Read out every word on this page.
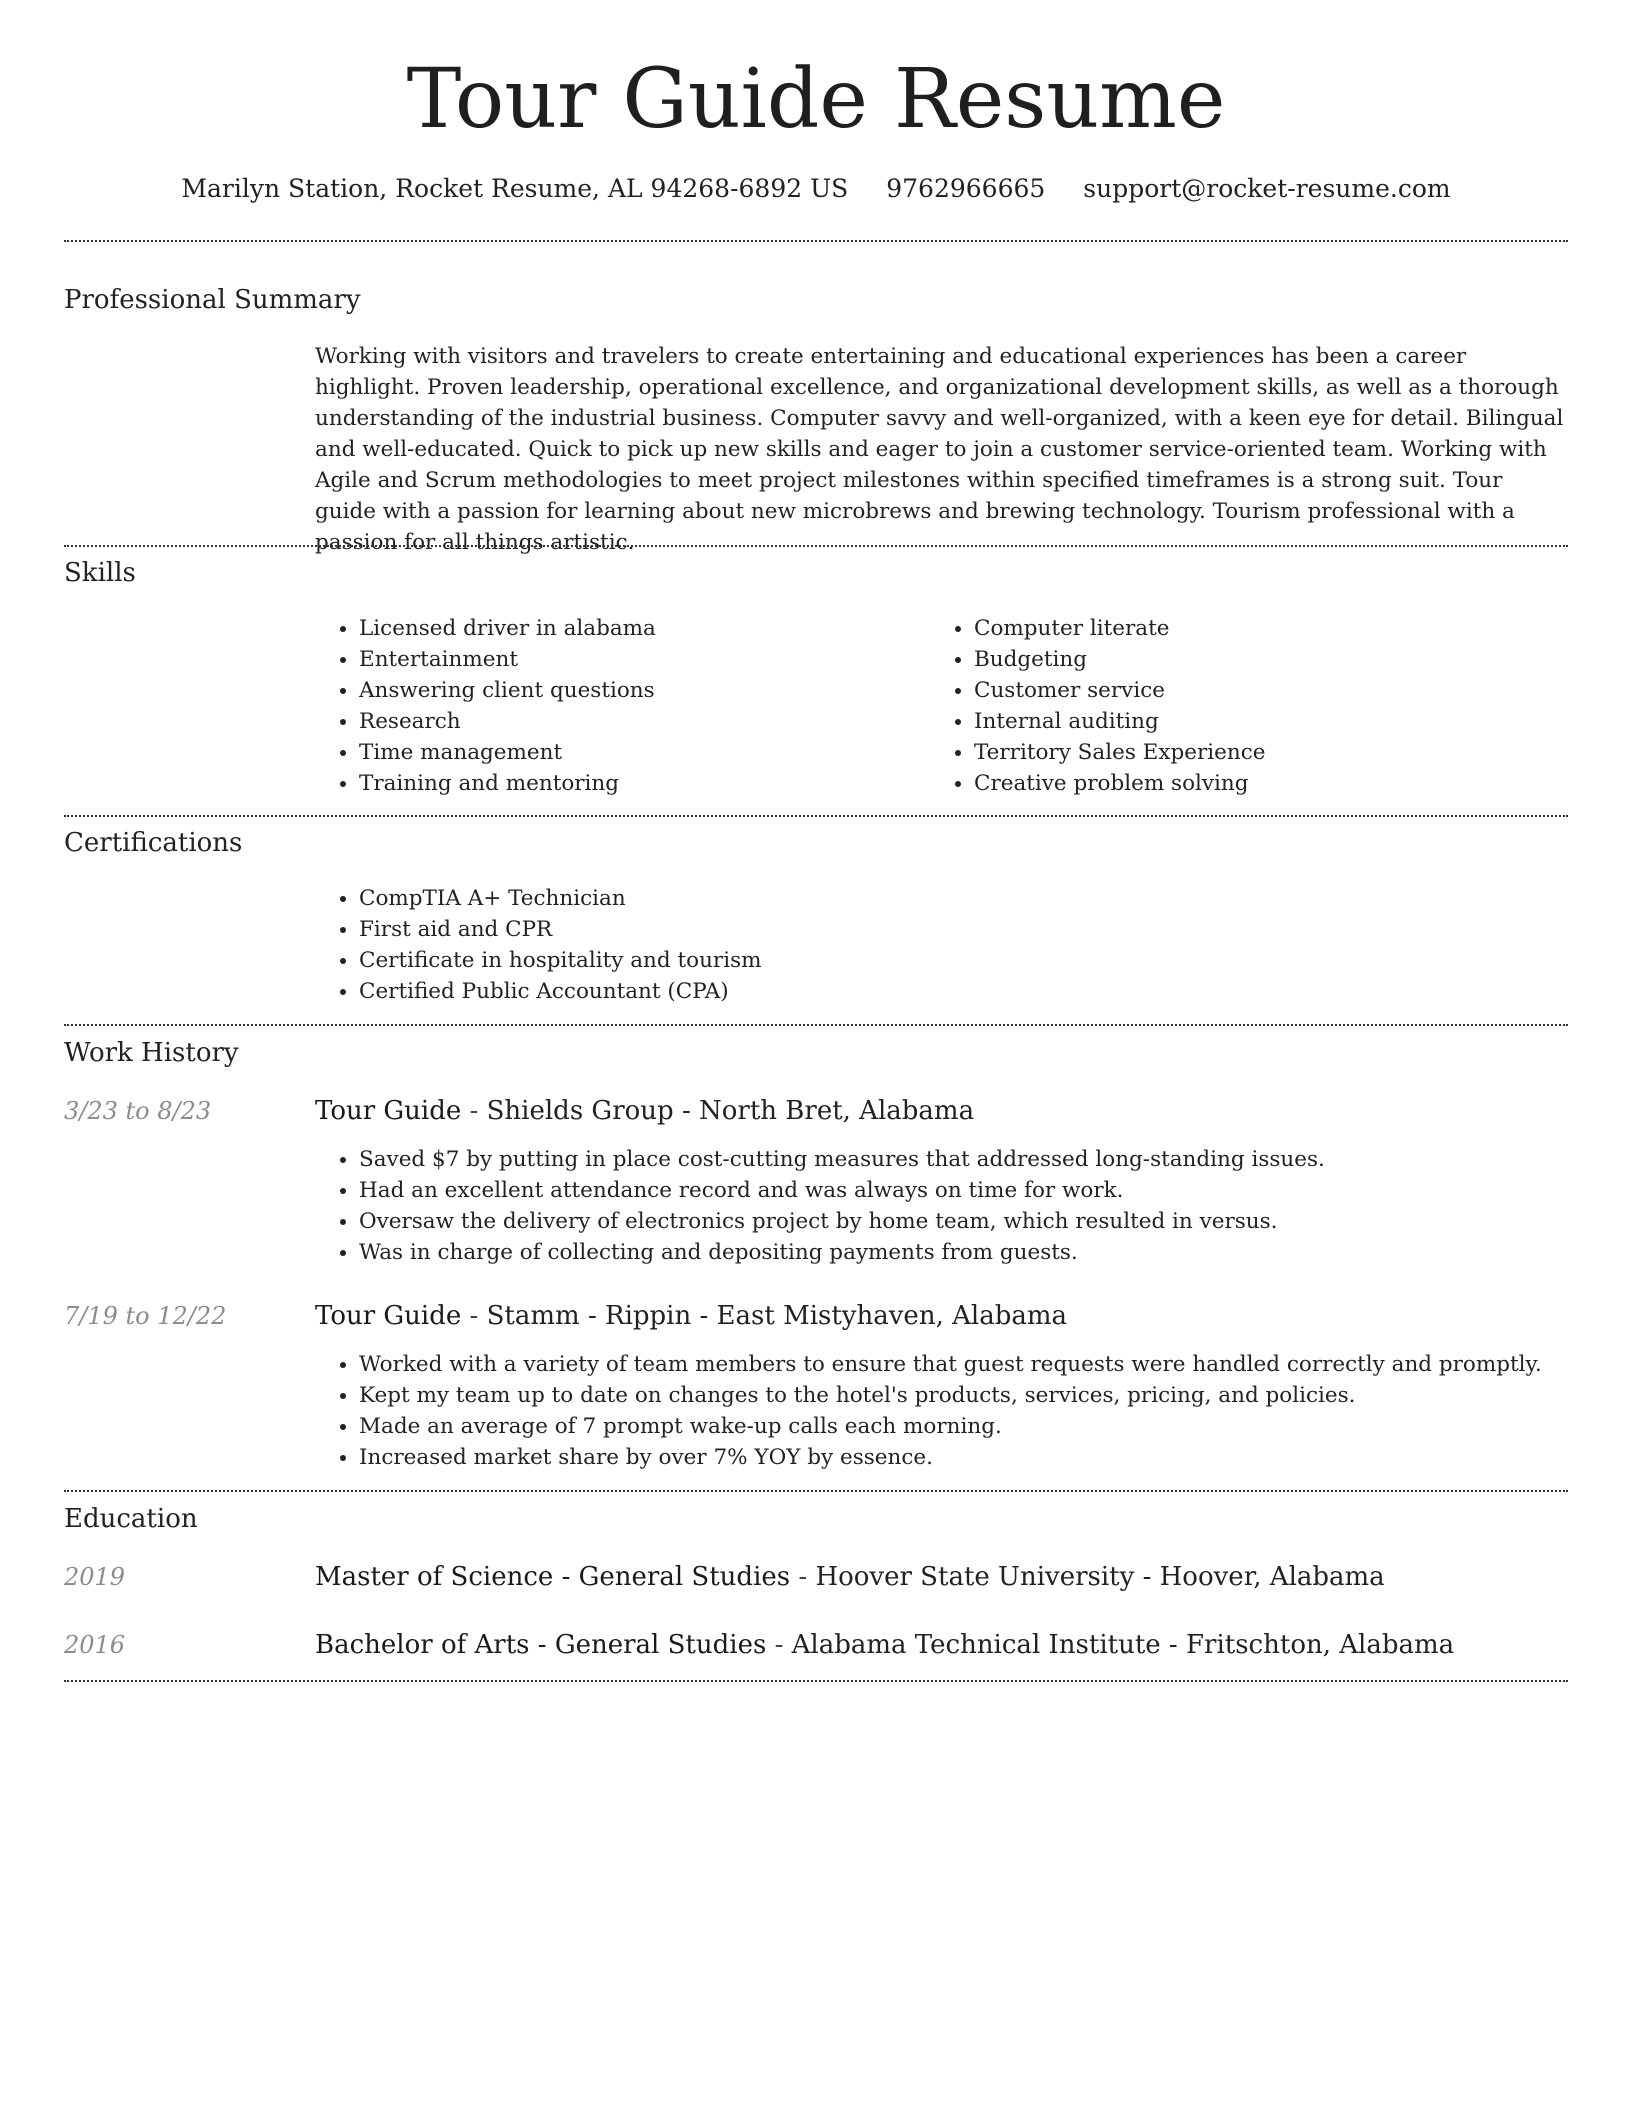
Tour Guide Resume
Marilyn Station, Rocket Resume, AL 94268-6892 US 9762966665 support@rocket-resume.com
Professional Summary

Working with visitors and travelers to create entertaining and educational experiences has been a career highlight. Proven leadership, operational excellence, and organizational development skills, as well as a thorough understanding of the industrial business. Computer savvy and well-organized, with a keen eye for detail. Bilingual and well-educated. Quick to pick up new skills and eager to join a customer service-oriented team. Working with Agile and Scrum methodologies to meet project milestones within specified timeframes is a strong suit. Tour guide with a passion for learning about new microbrews and brewing technology. Tourism professional with a passion for all things artistic.

Skills
• Licensed driver in alabama
• Entertainment
• Answering client questions
• Research
• Time management
• Training and mentoring
• Computer literate
• Budgeting
• Customer service
• Internal auditing
• Territory Sales Experience
• Creative problem solving
Certifications
• CompTIA A+ Technician
• First aid and CPR
• Certificate in hospitality and tourism
• Certified Public Accountant (CPA)
Work History
3/23 to 8/23	Tour Guide - Shields Group - North Bret, Alabama
• Saved $7 by putting in place cost-cutting measures that addressed long-standing issues.
• Had an excellent attendance record and was always on time for work.
• Oversaw the delivery of electronics project by home team, which resulted in versus.
• Was in charge of collecting and depositing payments from guests.
7/19 to 12/22	Tour Guide - Stamm - Rippin - East Mistyhaven, Alabama
• Worked with a variety of team members to ensure that guest requests were handled correctly and promptly.
• Kept my team up to date on changes to the hotel's products, services, pricing, and policies.
• Made an average of 7 prompt wake-up calls each morning.
• Increased market share by over 7% YOY by essence.
Education
2019	Master of Science - General Studies - Hoover State University - Hoover, Alabama
2016	Bachelor of Arts - General Studies - Alabama Technical Institute - Fritschton, Alabama
